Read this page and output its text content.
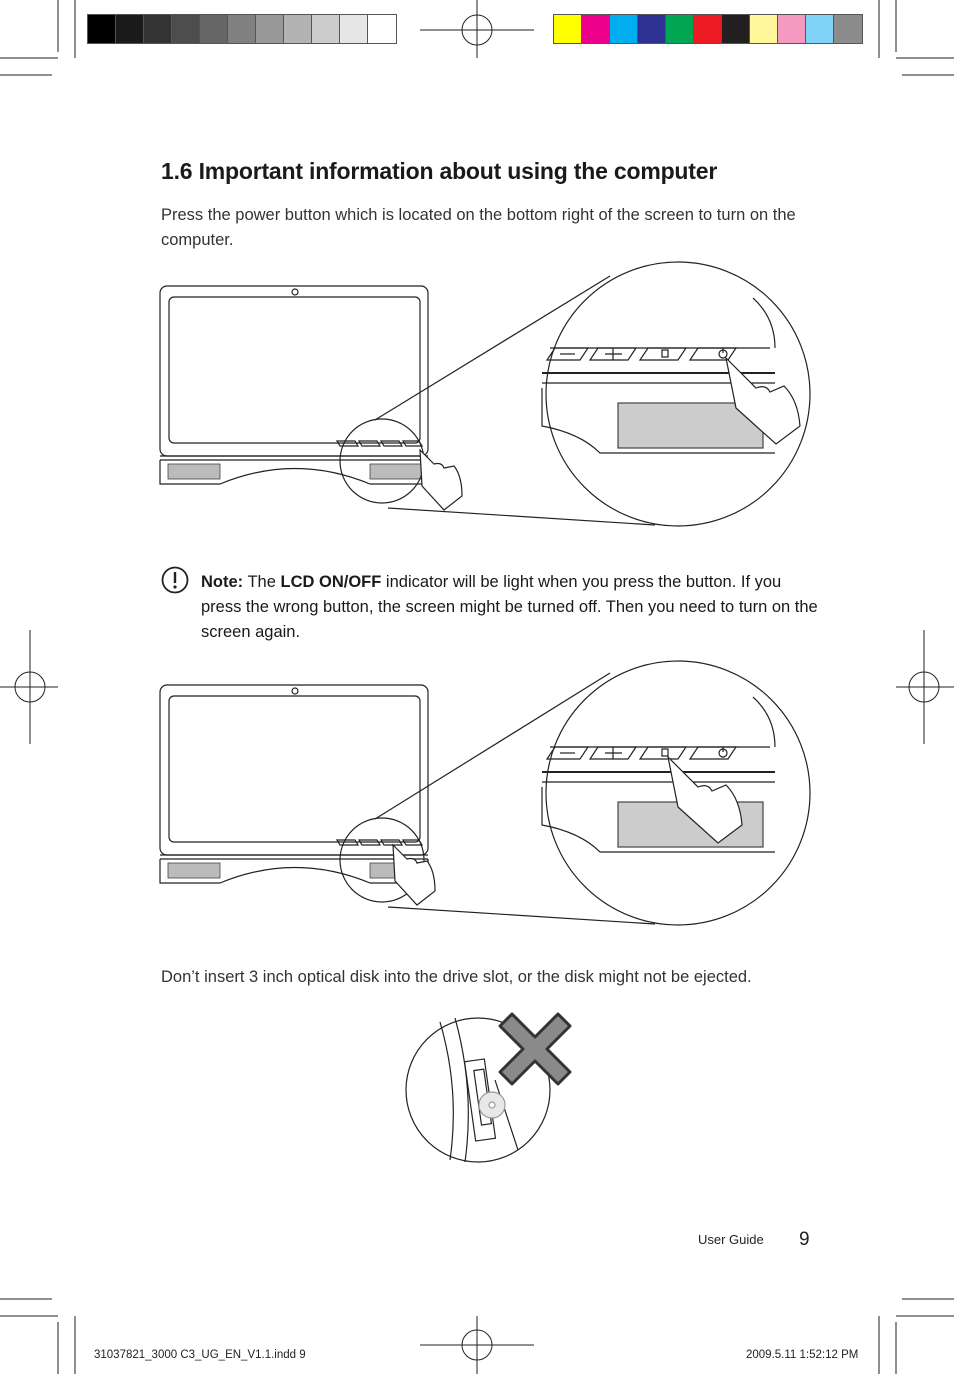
1.6 Important information about using the computer

Press the power button which is located on the bottom right of the screen to turn on the computer.

Note: The LCD ON/OFF indicator will be light when you press the button. If you press the wrong button, the screen might be turned off. Then you need to turn on the screen again.

Don’t insert 3 inch optical disk into the drive slot, or the disk might not be ejected.

User Guide 9
31037821_3000 C3_UG_EN_V1.1.indd 9	2009.5.11 1:52:12 PM
